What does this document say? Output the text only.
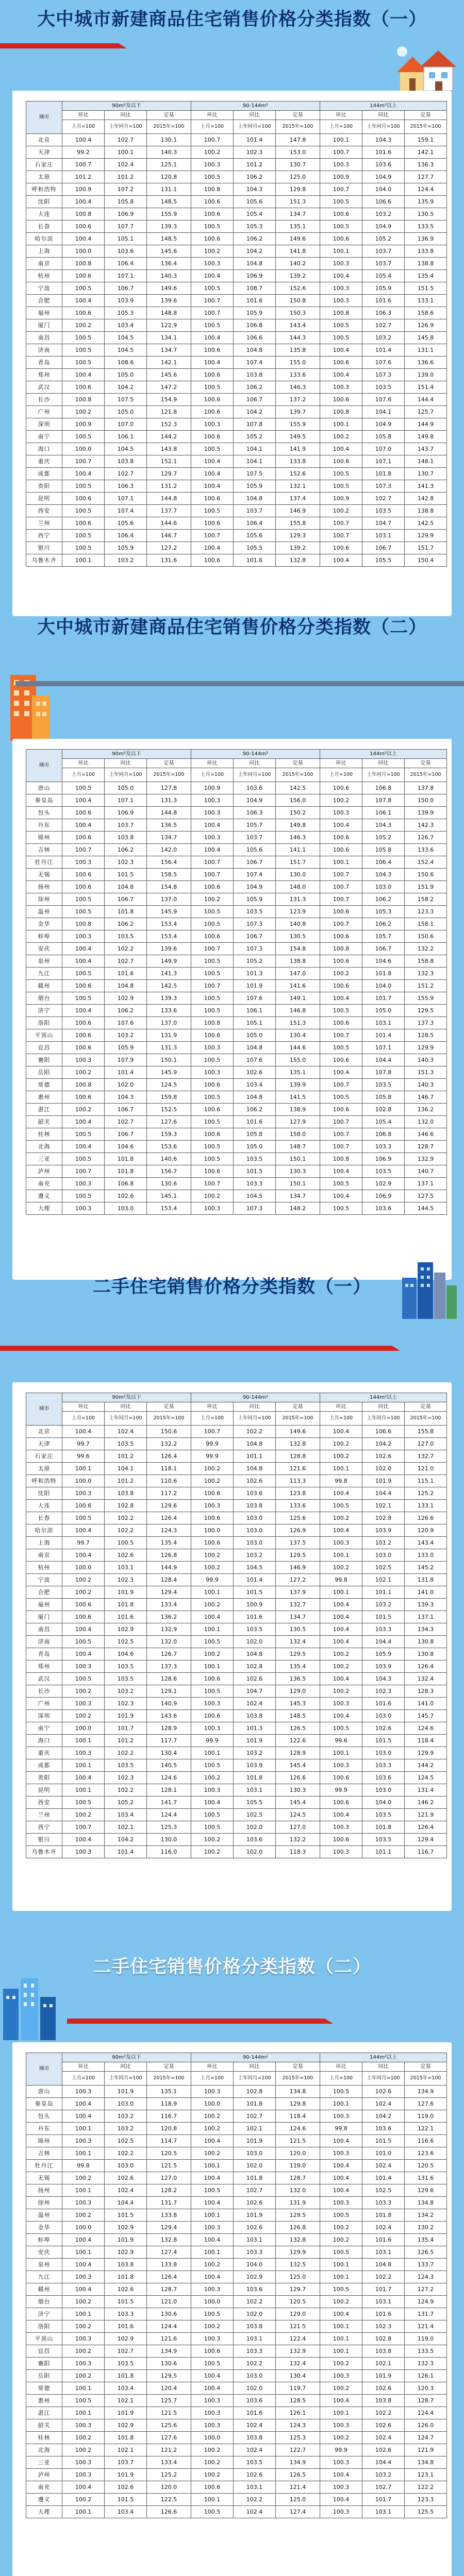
大中城市新建商品住宅销售价格分类指数（一）
城市	90m²及以下			90-144m²			144m²以上		
	环比	同比	定基	环比	同比	定基	环比	同比	定基
	上月=100	上年同月=100	2015年=100	上月=100	上年同月=100	2015年=100	上月=100	上年同月=100	2015年=100
北京	100.4	102.7	130.1	100.7	101.4	147.8	100.1	104.3	159.1
天津	99.2	100.1	140.3	100.2	102.3	153.0	100.7	101.6	142.1
石家庄	100.7	102.4	125.1	100.3	101.2	130.7	100.3	103.6	136.3
太原	101.2	101.2	120.8	100.5	106.2	125.0	100.9	104.9	127.7
呼和浩特	100.9	107.2	131.1	100.8	104.3	129.8	100.7	104.0	124.4
沈阳	100.4	105.8	148.5	100.6	105.6	151.3	100.5	106.6	135.9
大连	100.8	106.9	155.9	100.6	105.4	134.7	100.6	103.2	130.5
长春	100.6	107.7	139.3	100.5	105.3	135.1	100.5	104.9	133.5
哈尔滨	100.4	105.1	148.5	100.6	106.2	149.6	100.6	105.2	136.9
上海	100.0	103.6	145.6	100.2	104.2	141.8	100.1	103.7	133.8
南京	100.8	106.4	136.4	100.3	104.8	140.2	100.3	103.7	138.8
杭州	100.6	107.1	140.3	100.4	106.9	139.2	100.4	105.4	135.4
宁波	100.5	106.7	149.6	100.5	108.7	152.6	100.3	105.9	151.5
合肥	100.4	103.9	139.6	100.7	101.6	150.8	100.3	101.6	133.1
福州	100.6	105.3	148.8	100.7	105.9	150.3	100.8	106.3	158.6
厦门	100.2	103.4	122.9	100.5	106.8	143.4	100.5	102.7	126.9
南昌	100.5	104.5	134.1	100.4	106.6	144.3	100.5	103.2	145.8
济南	100.5	104.5	134.7	100.6	104.8	135.8	100.4	101.4	131.1
青岛	100.5	108.6	142.1	100.4	107.4	155.0	100.6	107.6	136.6
郑州	100.4	105.0	145.6	100.6	103.8	133.6	100.4	107.3	139.0
武汉	100.6	104.2	147.2	100.5	106.2	146.3	100.3	103.5	151.4
长沙	100.8	107.5	154.9	100.6	106.7	137.2	100.6	107.6	144.4
广州	100.2	105.0	121.8	100.6	104.2	139.7	100.8	104.1	125.7
深圳	100.9	107.0	152.3	100.3	107.8	155.9	100.1	104.9	144.9
南宁	100.5	106.1	144.2	100.6	105.2	149.5	100.2	105.8	149.8
海口	100.0	104.5	143.8	100.5	104.1	141.9	100.4	107.0	143.7
重庆	100.7	103.8	152.1	100.4	104.1	133.8	100.6	107.1	148.1
成都	100.4	102.7	129.7	100.4	107.5	152.6	100.5	101.8	130.7
贵阳	100.5	106.3	131.2	100.4	105.9	132.1	100.5	107.3	141.3
昆明	100.6	107.1	144.8	100.6	104.8	137.4	100.9	102.7	142.8
西安	100.5	107.4	137.7	100.5	103.7	146.9	100.2	103.5	138.8
兰州	100.6	105.6	144.6	100.6	106.4	155.8	100.7	104.7	142.5
西宁	100.5	106.4	146.7	100.7	105.6	129.3	100.7	103.1	129.9
银川	100.5	105.9	127.2	100.4	105.5	139.2	100.6	106.7	151.7
乌鲁木齐	100.1	103.2	131.6	100.6	101.6	132.8	100.4	105.5	150.4
大中城市新建商品住宅销售价格分类指数（二）
城市	90m²及以下			90-144m²			144m²以上		
	环比	同比	定基	环比	同比	定基	环比	同比	定基
	上月=100	上年同月=100	2015年=100	上月=100	上年同月=100	2015年=100	上月=100	上年同月=100	2015年=100
唐山	100.5	105.0	127.8	100.9	103.6	142.5	100.6	106.8	137.8
秦皇岛	100.4	107.1	131.3	100.3	104.9	156.0	100.2	107.8	150.0
包头	100.6	106.9	144.8	100.3	106.3	150.2	100.3	106.1	139.9
丹东	100.4	103.7	136.5	100.4	105.7	149.8	100.4	104.3	142.3
锦州	100.6	103.8	134.7	100.3	103.7	146.3	100.6	105.2	126.7
吉林	100.7	106.2	142.0	100.4	105.6	141.1	100.6	105.8	133.6
牡丹江	100.3	102.3	156.4	100.7	106.7	151.7	100.1	106.4	152.4
无锡	100.6	101.5	158.5	100.7	107.4	130.0	100.7	104.3	150.6
扬州	100.6	104.8	154.8	100.6	104.9	148.0	100.7	103.0	151.9
徐州	100.5	106.7	137.0	100.2	105.9	131.3	100.7	106.2	158.2
温州	100.5	101.8	145.9	100.5	103.5	123.9	100.6	105.3	123.3
金华	100.8	106.2	153.4	100.5	107.3	140.8	100.7	106.2	158.1
蚌埠	100.3	103.5	153.4	100.6	106.7	130.5	100.6	105.7	150.6
安庆	100.4	102.2	139.6	100.7	107.3	154.8	100.8	106.7	132.2
泉州	100.4	102.7	149.9	100.5	105.2	138.8	100.6	104.6	158.8
九江	100.5	101.6	141.3	100.5	101.3	147.0	100.2	101.8	132.3
赣州	100.6	104.8	142.5	100.7	101.9	141.6	100.6	104.0	151.2
烟台	100.5	102.9	139.3	100.5	107.6	149.1	100.4	101.7	155.9
济宁	100.4	106.2	133.6	100.5	106.1	146.8	100.5	105.0	129.5
洛阳	100.6	107.6	137.0	100.8	105.1	151.3	100.6	103.1	137.3
平顶山	100.6	103.2	131.9	100.6	105.0	130.4	100.7	101.4	128.5
宜昌	100.6	105.9	131.3	100.3	104.8	144.6	100.5	107.1	129.9
襄阳	100.3	107.9	150.1	100.5	107.6	155.0	100.6	104.4	140.3
岳阳	100.2	101.4	145.9	100.3	102.6	135.1	100.4	107.8	151.3
常德	100.8	102.0	124.5	100.6	103.4	139.9	100.7	103.5	140.3
惠州	100.6	104.3	159.8	100.5	104.8	141.5	100.5	105.8	146.7
湛江	100.2	106.7	152.5	100.6	106.2	138.9	100.6	102.8	136.2
韶关	100.4	102.7	127.6	100.5	101.6	127.9	100.7	105.4	132.0
桂林	100.5	106.7	159.3	100.6	105.8	158.0	100.7	106.8	146.6
北海	100.4	104.6	153.6	100.5	105.0	148.7	100.7	103.3	128.7
三亚	100.5	101.8	140.6	100.5	103.5	150.1	100.8	106.9	132.9
泸州	100.7	101.8	156.7	100.6	101.5	130.3	100.4	103.5	140.7
南充	100.3	106.8	130.6	100.7	103.3	150.1	100.5	102.9	137.1
遵义	100.5	102.6	145.1	100.2	104.5	134.7	100.4	106.9	127.5
大理	100.3	103.0	153.4	100.3	107.3	148.2	100.5	103.6	144.5
二手住宅销售价格分类指数（一）
城市	90m²及以下			90-144m²			144m²以上		
	环比	同比	定基	环比	同比	定基	环比	同比	定基
	上月=100	上年同月=100	2015年=100	上月=100	上年同月=100	2015年=100	上月=100	上年同月=100	2015年=100
北京	100.4	102.4	150.6	100.7	102.2	149.6	100.4	106.6	155.8
天津	99.7	103.5	132.2	99.9	104.8	132.8	100.2	104.2	127.0
石家庄	99.6	101.2	126.4	99.9	101.1	128.8	100.2	102.6	132.7
太原	100.1	104.1	118.1	100.2	104.8	121.6	100.1	102.0	121.0
呼和浩特	100.0	101.2	110.6	100.2	102.6	113.3	99.8	101.9	115.1
沈阳	100.3	103.8	117.2	100.6	103.6	123.8	100.4	104.4	125.2
大连	100.6	102.8	129.6	100.3	103.8	133.6	100.5	102.1	133.1
长春	100.5	102.2	126.4	100.6	103.0	125.6	100.2	102.8	126.6
哈尔滨	100.4	102.2	124.3	100.0	103.0	126.9	100.4	103.9	120.9
上海	99.7	100.5	135.4	100.6	103.0	137.5	100.3	101.2	143.4
南京	100.4	102.6	126.8	100.2	103.2	129.5	100.1	103.0	133.0
杭州	100.0	103.1	144.9	100.2	104.5	146.9	100.2	102.5	145.2
宁波	100.2	102.3	128.4	99.9	101.4	127.2	99.8	102.1	131.8
合肥	100.2	101.9	129.4	100.1	101.5	137.9	100.1	101.1	141.0
福州	100.6	101.8	133.4	100.2	100.9	132.7	100.4	103.2	139.3
厦门	100.6	101.6	136.2	100.4	101.6	134.7	100.4	101.5	137.1
南昌	100.4	102.9	132.9	100.1	103.5	130.5	100.4	103.3	134.3
济南	100.5	102.5	132.0	100.5	102.0	132.4	100.4	104.4	130.8
青岛	100.4	104.6	126.7	100.2	104.8	129.5	100.2	105.9	130.8
郑州	100.3	103.5	137.3	100.1	102.8	135.4	100.2	103.9	126.4
武汉	100.5	103.5	128.6	100.6	102.6	136.5	100.4	104.3	132.4
长沙	100.2	103.2	129.1	100.5	104.7	129.0	100.2	102.3	128.3
广州	100.3	102.3	140.9	100.3	102.4	145.3	100.3	101.6	141.0
深圳	100.2	101.9	143.6	100.6	103.8	148.5	100.4	103.0	145.7
南宁	100.0	101.7	128.9	100.3	101.3	126.5	100.5	102.6	124.6
海口	100.1	101.2	117.7	99.9	101.9	122.6	99.6	101.5	118.4
重庆	100.3	102.2	130.4	100.1	103.2	128.9	100.1	103.0	129.9
成都	100.1	103.5	140.5	100.5	103.9	145.4	100.3	103.3	144.2
贵阳	100.4	102.3	124.6	100.2	101.8	126.6	100.6	103.6	124.5
昆明	100.1	102.2	128.1	100.3	103.1	130.3	99.9	103.0	131.4
西安	100.5	105.2	141.7	100.4	105.5	145.4	100.6	104.0	146.2
兰州	100.2	103.4	124.4	100.5	102.5	124.5	100.4	103.5	121.9
西宁	100.7	102.1	125.3	100.5	102.0	127.0	100.3	101.8	126.4
银川	100.4	104.2	130.0	100.2	103.6	132.2	100.6	103.5	129.4
乌鲁木齐	100.3	101.4	116.0	100.2	102.0	118.3	100.3	101.1	116.7
二手住宅销售价格分类指数（二）
城市	90m²及以下			90-144m²			144m²以上		
	环比	同比	定基	环比	同比	定基	环比	同比	定基
	上月=100	上年同月=100	2015年=100	上月=100	上年同月=100	2015年=100	上月=100	上年同月=100	2015年=100
唐山	100.3	101.9	135.1	100.3	102.8	134.8	100.5	102.6	134.9
秦皇岛	100.4	103.0	118.9	100.0	101.8	129.8	100.1	102.4	127.6
包头	100.4	103.2	116.7	100.2	102.7	118.4	100.3	104.2	119.0
丹东	100.1	103.2	120.8	100.2	102.1	124.6	99.8	103.6	122.1
锦州	100.3	102.5	114.7	100.4	101.9	121.5	100.4	101.5	116.6
吉林	100.1	102.2	120.5	100.2	103.0	120.0	100.3	101.0	123.6
牡丹江	99.8	103.0	121.5	100.1	102.0	119.0	100.4	102.4	120.5
无锡	100.2	102.6	127.0	100.4	101.8	128.7	100.4	101.4	131.6
扬州	100.1	102.4	128.2	100.5	102.7	132.0	100.4	102.5	129.6
徐州	100.3	104.4	131.7	100.4	102.6	131.9	100.3	103.3	134.8
温州	100.2	101.5	133.8	100.1	101.9	129.5	100.5	101.8	134.2
金华	100.0	102.9	129.4	100.3	102.6	126.8	100.2	102.4	130.2
蚌埠	100.4	101.9	132.8	100.4	103.1	132.8	100.2	101.6	135.4
安庆	100.1	102.9	127.4	100.1	103.3	129.9	100.5	103.1	126.5
泉州	100.4	103.8	133.8	100.2	104.0	132.5	100.1	104.8	133.7
九江	100.3	101.8	126.4	100.4	102.9	125.0	100.1	102.2	124.3
赣州	100.4	102.6	128.7	100.3	103.6	129.7	100.5	101.7	127.2
烟台	100.2	101.5	121.0	100.0	102.2	120.5	100.2	103.1	124.9
济宁	100.1	103.3	130.6	100.5	102.0	129.0	100.4	101.6	131.7
洛阳	100.2	101.6	124.4	100.2	103.8	121.5	100.1	102.3	121.4
平顶山	100.3	102.9	121.6	100.3	103.1	122.4	100.1	102.8	119.0
宜昌	100.2	102.7	134.9	100.6	103.3	132.9	100.1	103.8	133.5
襄阳	100.3	103.5	130.6	100.5	102.2	132.4	100.2	102.1	132.3
岳阳	100.2	101.8	129.5	100.4	103.0	130.4	100.3	101.9	126.1
常德	100.1	103.4	120.4	100.4	102.0	119.7	100.2	102.6	120.3
惠州	100.5	102.1	125.7	100.3	103.6	128.5	100.4	103.8	128.7
湛江	100.1	101.9	121.5	100.3	101.6	126.1	100.1	102.2	124.4
韶关	100.3	102.9	125.6	100.3	102.4	124.3	100.3	102.6	126.0
桂林	100.2	101.8	127.6	100.0	103.8	125.3	100.2	102.4	124.7
北海	100.2	102.1	121.2	100.2	102.4	122.7	99.9	102.6	121.9
三亚	100.3	103.7	133.4	100.2	103.5	134.9	100.3	104.4	134.8
泸州	100.3	101.9	125.2	100.2	102.6	126.5	100.4	103.2	123.1
南充	100.4	102.6	120.0	100.6	103.1	121.4	100.3	102.7	122.2
遵义	100.2	101.5	122.5	100.1	102.2	125.0	100.4	101.7	123.3
大理	100.1	103.4	126.6	100.5	102.4	127.4	100.3	103.1	125.5
